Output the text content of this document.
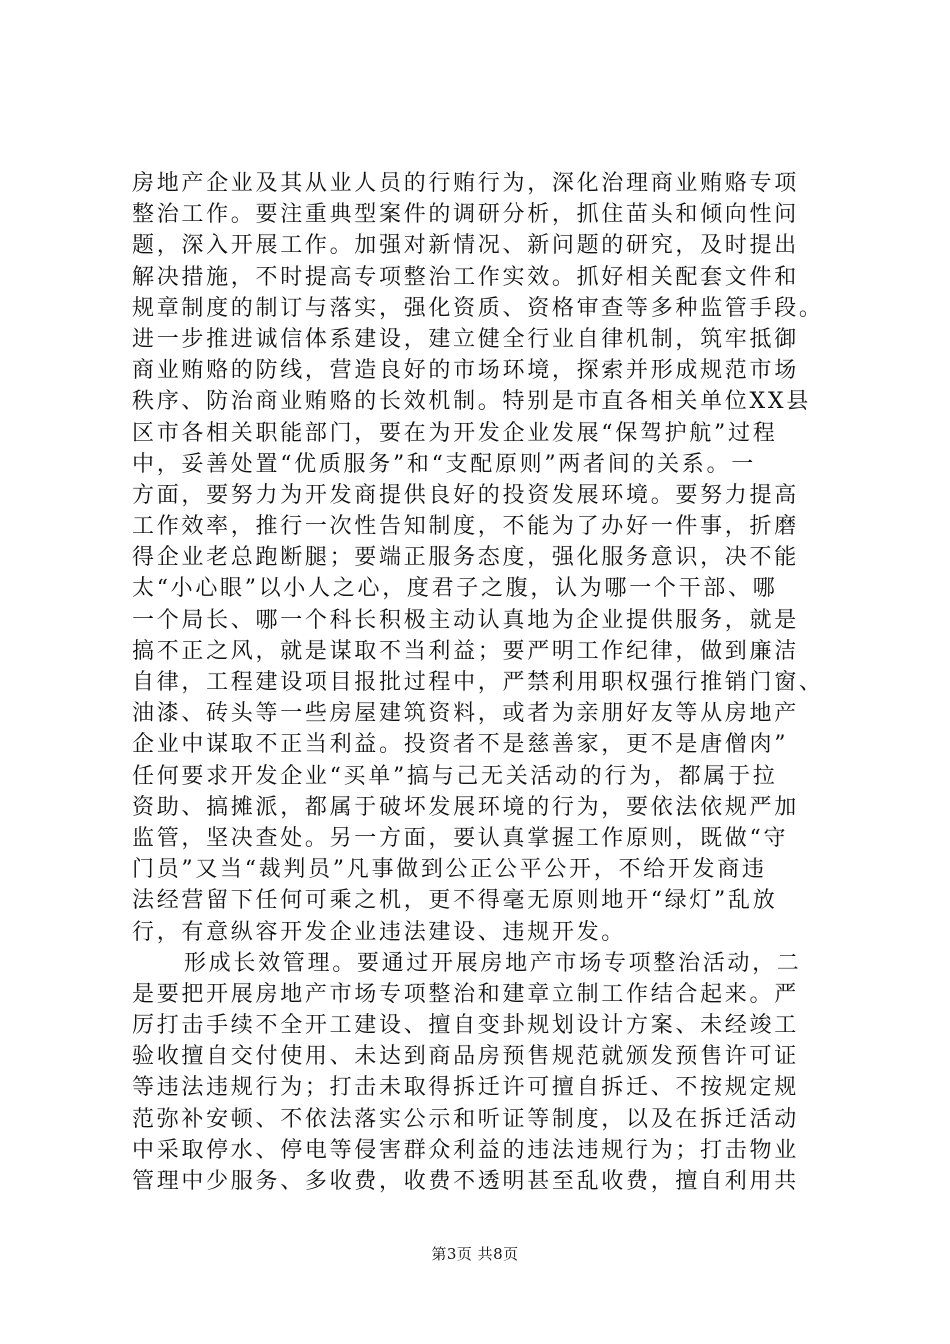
房地产企业及其从业人员的行贿行为，深化治理商业贿赂专项
整治工作。要注重典型案件的调研分析，抓住苗头和倾向性问
题，深入开展工作。加强对新情况、新问题的研究，及时提出
解决措施，不时提高专项整治工作实效。抓好相关配套文件和
规章制度的制订与落实，强化资质、资格审查等多种监管手段。
进一步推进诚信体系建设，建立健全行业自律机制，筑牢抵御
商业贿赂的防线，营造良好的市场环境，探索并形成规范市场
秩序、防治商业贿赂的长效机制。特别是市直各相关单位XX县
区市各相关职能部门，要在为开发企业发展“保驾护航”过程
中，妥善处置“优质服务”和“支配原则”两者间的关系。一
方面，要努力为开发商提供良好的投资发展环境。要努力提高
工作效率，推行一次性告知制度，不能为了办好一件事，折磨
得企业老总跑断腿；要端正服务态度，强化服务意识，决不能
太“小心眼”以小人之心，度君子之腹，认为哪一个干部、哪
一个局长、哪一个科长积极主动认真地为企业提供服务，就是
搞不正之风，就是谋取不当利益；要严明工作纪律，做到廉洁
自律，工程建设项目报批过程中，严禁利用职权强行推销门窗、
油漆、砖头等一些房屋建筑资料，或者为亲朋好友等从房地产
企业中谋取不正当利益。投资者不是慈善家，更不是唐僧肉”
任何要求开发企业“买单”搞与己无关活动的行为，都属于拉
资助、搞摊派，都属于破坏发展环境的行为，要依法依规严加
监管，坚决查处。另一方面，要认真掌握工作原则，既做“守
门员”又当“裁判员”凡事做到公正公平公开，不给开发商违
法经营留下任何可乘之机，更不得毫无原则地开“绿灯”乱放
行，有意纵容开发企业违法建设、违规开发。
形成长效管理。要通过开展房地产市场专项整治活动，二
是要把开展房地产市场专项整治和建章立制工作结合起来。严
厉打击手续不全开工建设、擅自变卦规划设计方案、未经竣工
验收擅自交付使用、未达到商品房预售规范就颁发预售许可证
等违法违规行为；打击未取得拆迁许可擅自拆迁、不按规定规
范弥补安顿、不依法落实公示和听证等制度，以及在拆迁活动
中采取停水、停电等侵害群众利益的违法违规行为；打击物业
管理中少服务、多收费，收费不透明甚至乱收费，擅自利用共
第3页 共8页
